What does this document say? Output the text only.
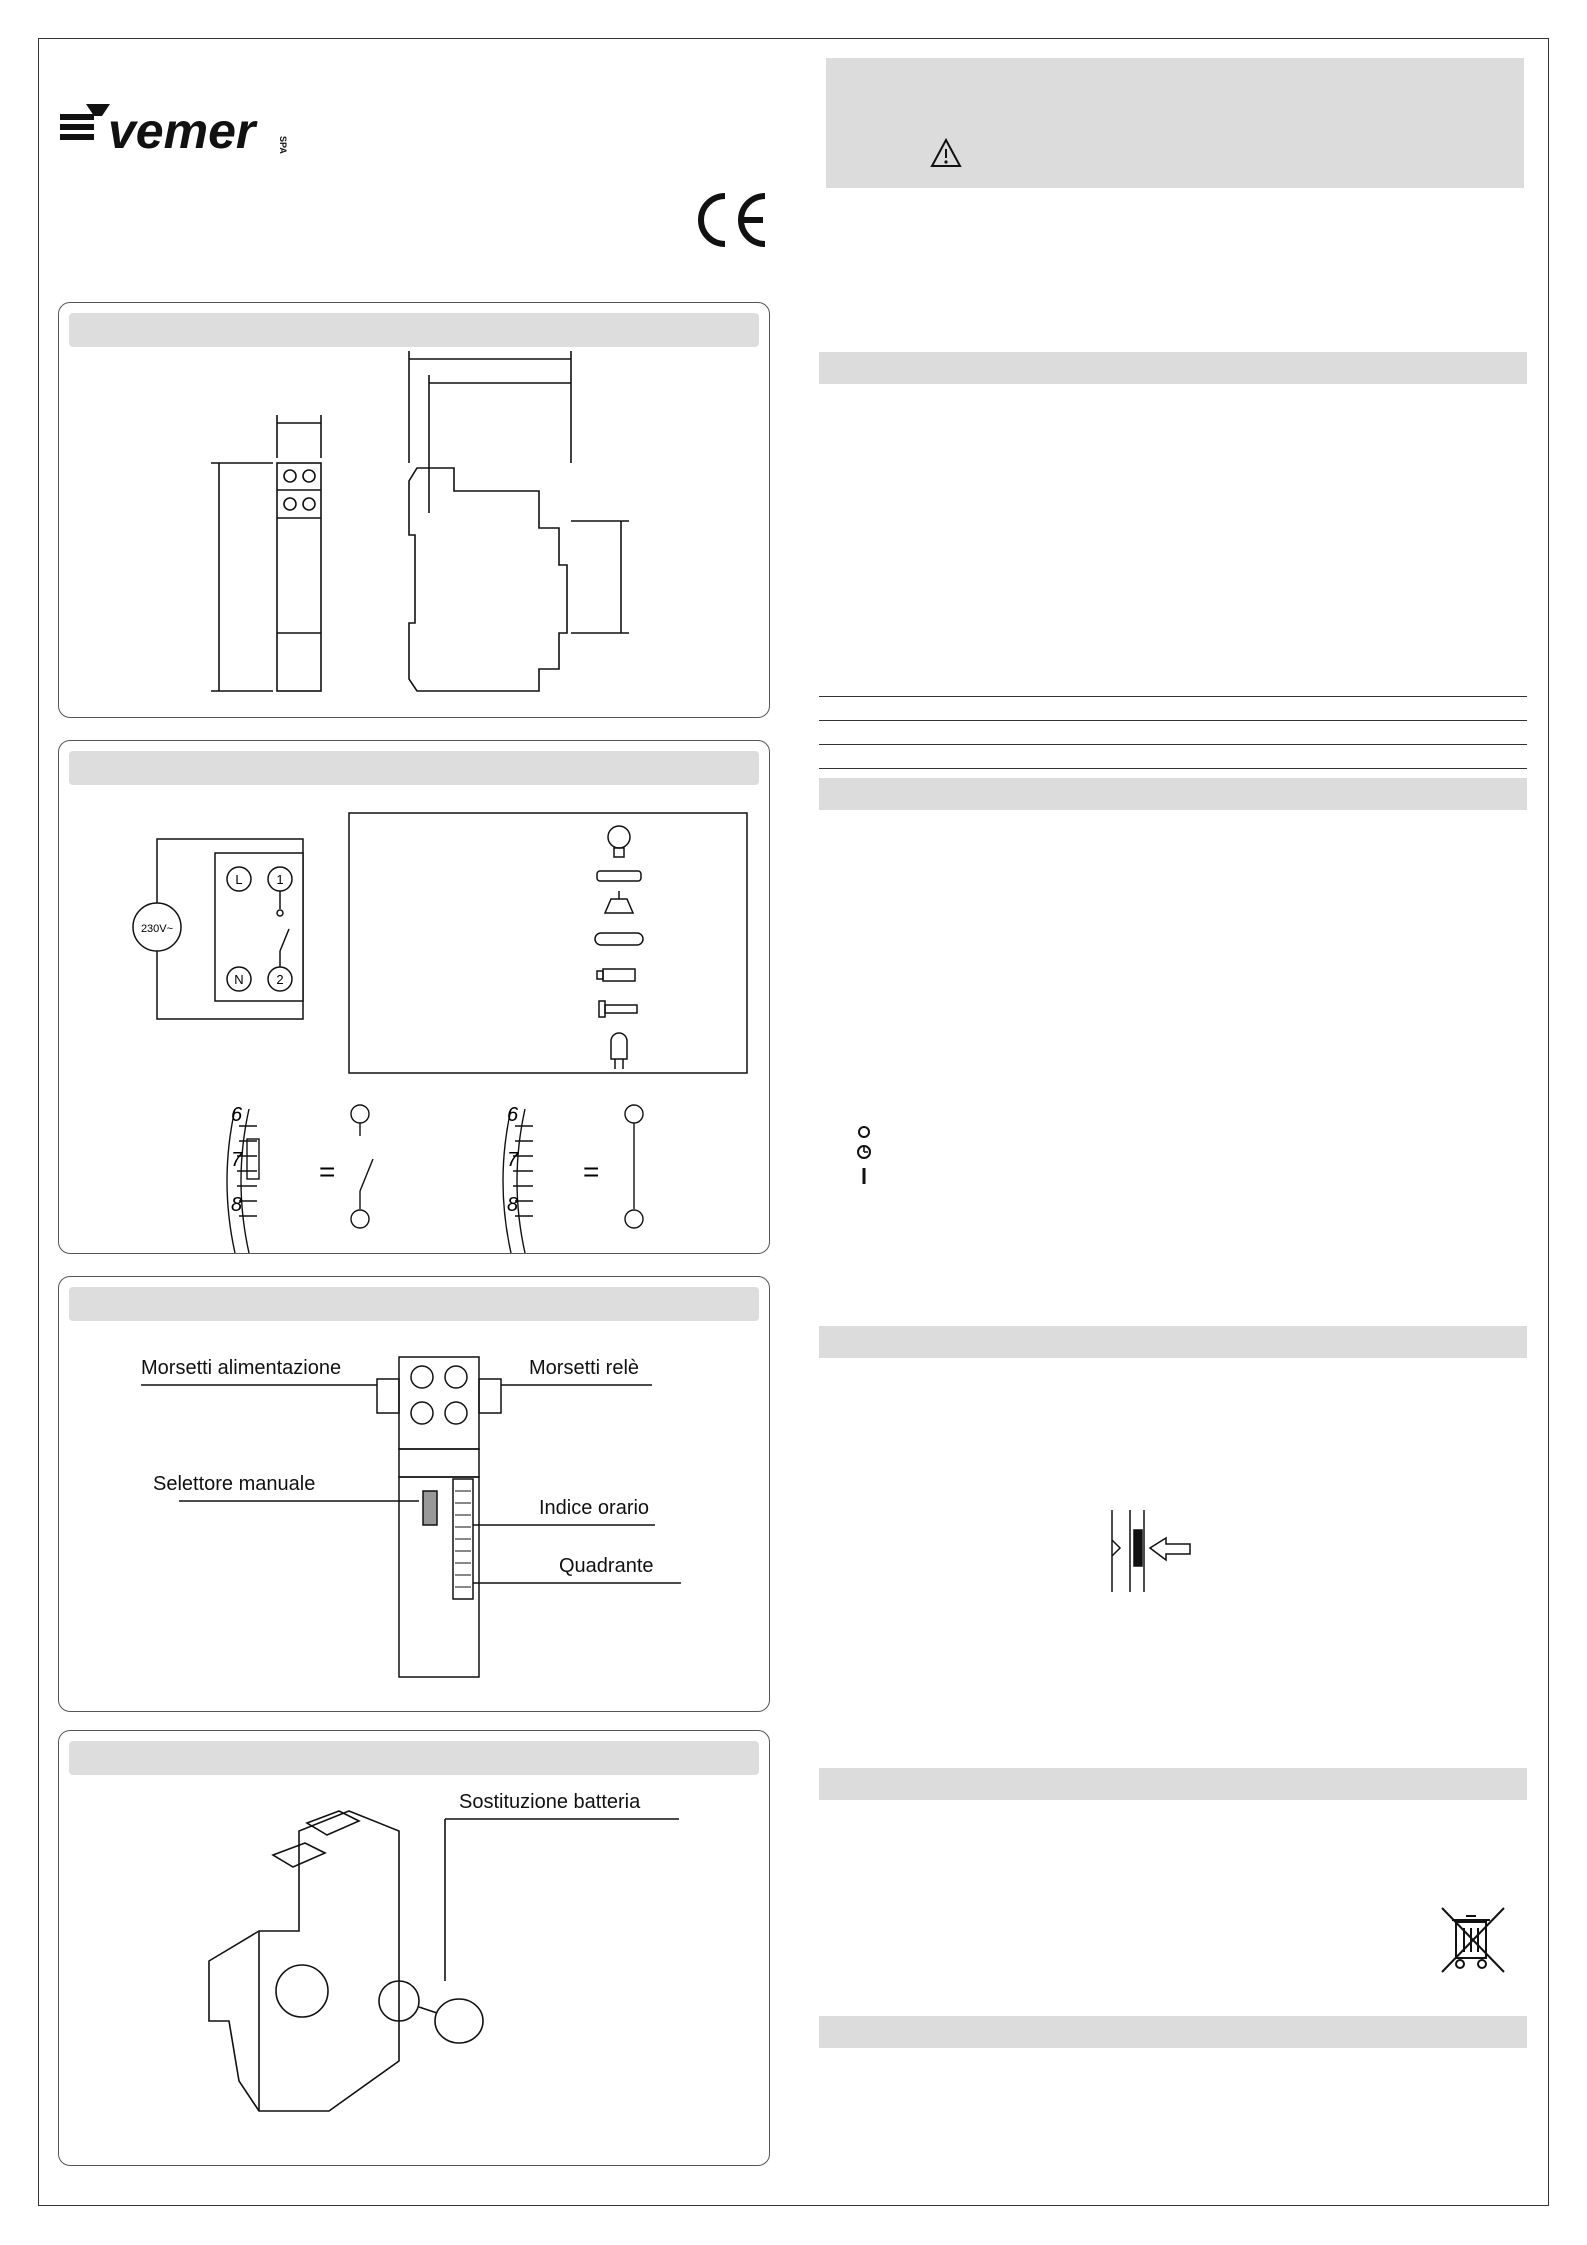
vemer	SPA
230V~
L
N
1
2
6
7
8
=
6
7
8
=
Morsetti alimentazione	Morsetti relè
Selettore manuale
Indice orario
Quadrante
Sostituzione batteria
